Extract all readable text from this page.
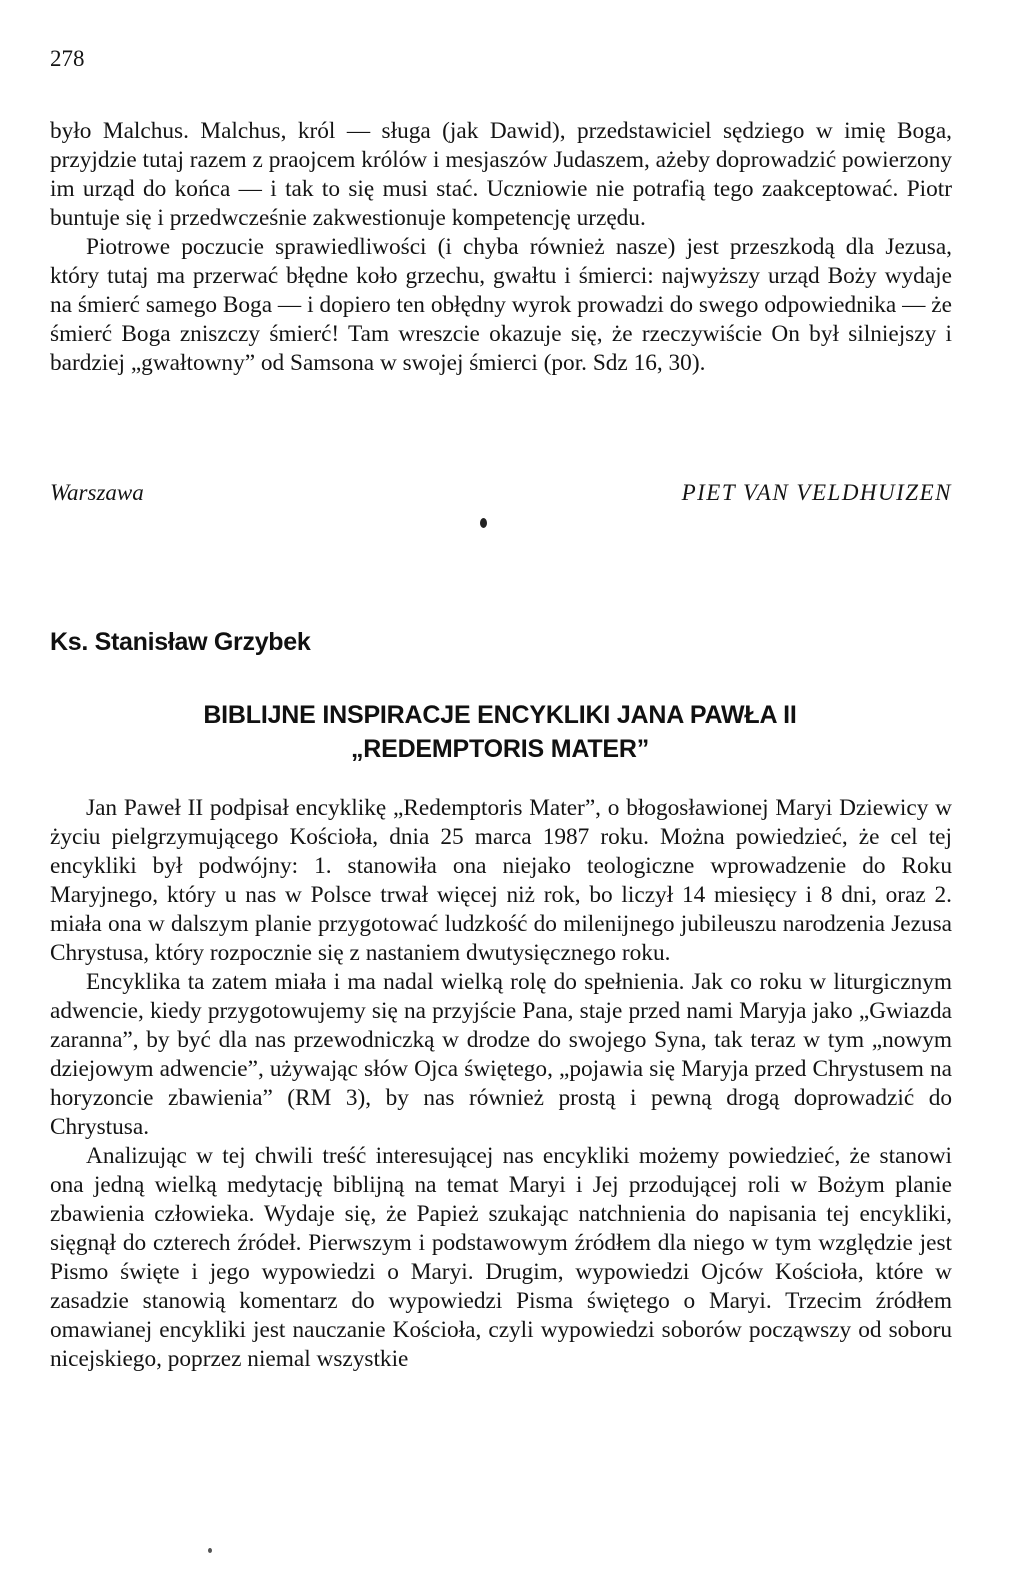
278

było Malchus. Malchus, król — sługa (jak Dawid), przedstawiciel sędziego w imię Boga, przyjdzie tutaj razem z praojcem królów i mesjaszów Judaszem, ażeby doprowadzić powierzony im urząd do końca — i tak to się musi stać. Uczniowie nie potrafią tego zaakceptować. Piotr buntuje się i przedwcześnie zakwestionuje kompetencję urzędu.

Piotrowe poczucie sprawiedliwości (i chyba również nasze) jest przeszkodą dla Jezusa, który tutaj ma przerwać błędne koło grzechu, gwałtu i śmierci: najwyższy urząd Boży wydaje na śmierć samego Boga — i dopiero ten obłędny wyrok prowadzi do swego odpowiednika — że śmierć Boga zniszczy śmierć! Tam wreszcie okazuje się, że rzeczywiście On był silniejszy i bardziej „gwałtowny” od Samsona w swojej śmierci (por. Sdz 16, 30).

Warszawa	PIET VAN VELDHUIZEN
Ks. Stanisław Grzybek
BIBLIJNE INSPIRACJE ENCYKLIKI JANA PAWŁA II
„REDEMPTORIS MATER”

Jan Paweł II podpisał encyklikę „Redemptoris Mater”, o błogosławionej Maryi Dziewicy w życiu pielgrzymującego Kościoła, dnia 25 marca 1987 roku. Można powiedzieć, że cel tej encykliki był podwójny: 1. stanowiła ona niejako teologiczne wprowadzenie do Roku Maryjnego, który u nas w Polsce trwał więcej niż rok, bo liczył 14 miesięcy i 8 dni, oraz 2. miała ona w dalszym planie przygotować ludzkość do milenijnego jubileuszu narodzenia Jezusa Chrystusa, który rozpocznie się z nastaniem dwutysięcznego roku.

Encyklika ta zatem miała i ma nadal wielką rolę do spełnienia. Jak co roku w liturgicznym adwencie, kiedy przygotowujemy się na przyjście Pana, staje przed nami Maryja jako „Gwiazda zaranna”, by być dla nas przewodniczką w drodze do swojego Syna, tak teraz w tym „nowym dziejowym adwencie”, używając słów Ojca świętego, „pojawia się Maryja przed Chrystusem na horyzoncie zbawienia” (RM 3), by nas również prostą i pewną drogą doprowadzić do Chrystusa.

Analizując w tej chwili treść interesującej nas encykliki możemy powiedzieć, że stanowi ona jedną wielką medytację biblijną na temat Maryi i Jej przodującej roli w Bożym planie zbawienia człowieka. Wydaje się, że Papież szukając natchnienia do napisania tej encykliki, sięgnął do czterech źródeł. Pierwszym i podstawowym źródłem dla niego w tym względzie jest Pismo święte i jego wypowiedzi o Maryi. Drugim, wypowiedzi Ojców Kościoła, które w zasadzie stanowią komentarz do wypowiedzi Pisma świętego o Maryi. Trzecim źródłem omawianej encykliki jest nauczanie Kościoła, czyli wypowiedzi soborów począwszy od soboru nicejskiego, poprzez niemal wszystkie
